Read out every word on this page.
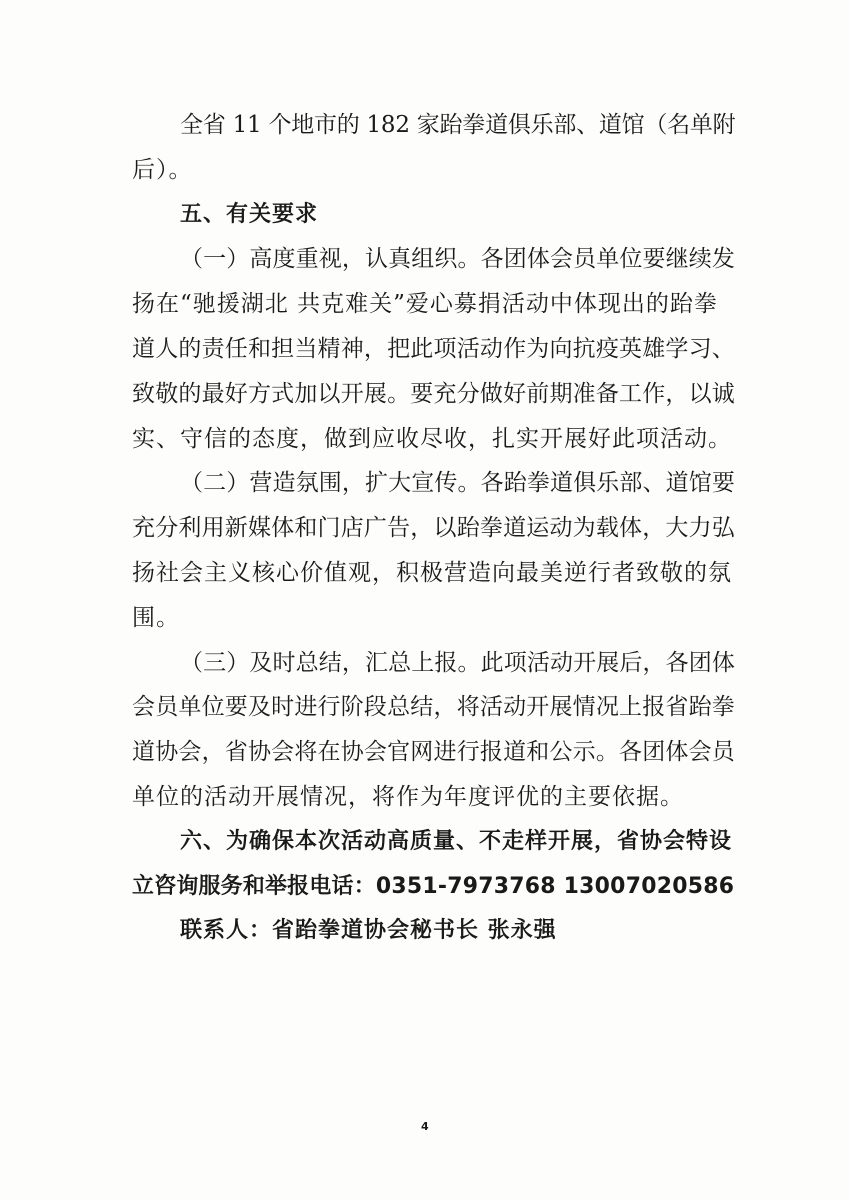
全省 11 个地市的 182 家跆拳道俱乐部、道馆（名单附
后）。
五、有关要求
（一）高度重视，认真组织。各团体会员单位要继续发
扬在“驰援湖北 共克难关”爱心募捐活动中体现出的跆拳
道人的责任和担当精神，把此项活动作为向抗疫英雄学习、
致敬的最好方式加以开展。要充分做好前期准备工作，以诚
实、守信的态度，做到应收尽收，扎实开展好此项活动。
（二）营造氛围，扩大宣传。各跆拳道俱乐部、道馆要
充分利用新媒体和门店广告，以跆拳道运动为载体，大力弘
扬社会主义核心价值观，积极营造向最美逆行者致敬的氛
围。
（三）及时总结，汇总上报。此项活动开展后，各团体
会员单位要及时进行阶段总结，将活动开展情况上报省跆拳
道协会，省协会将在协会官网进行报道和公示。各团体会员
单位的活动开展情况，将作为年度评优的主要依据。
六、为确保本次活动高质量、不走样开展，省协会特设
立咨询服务和举报电话：0351-7973768 13007020586
联系人：省跆拳道协会秘书长 张永强
4
